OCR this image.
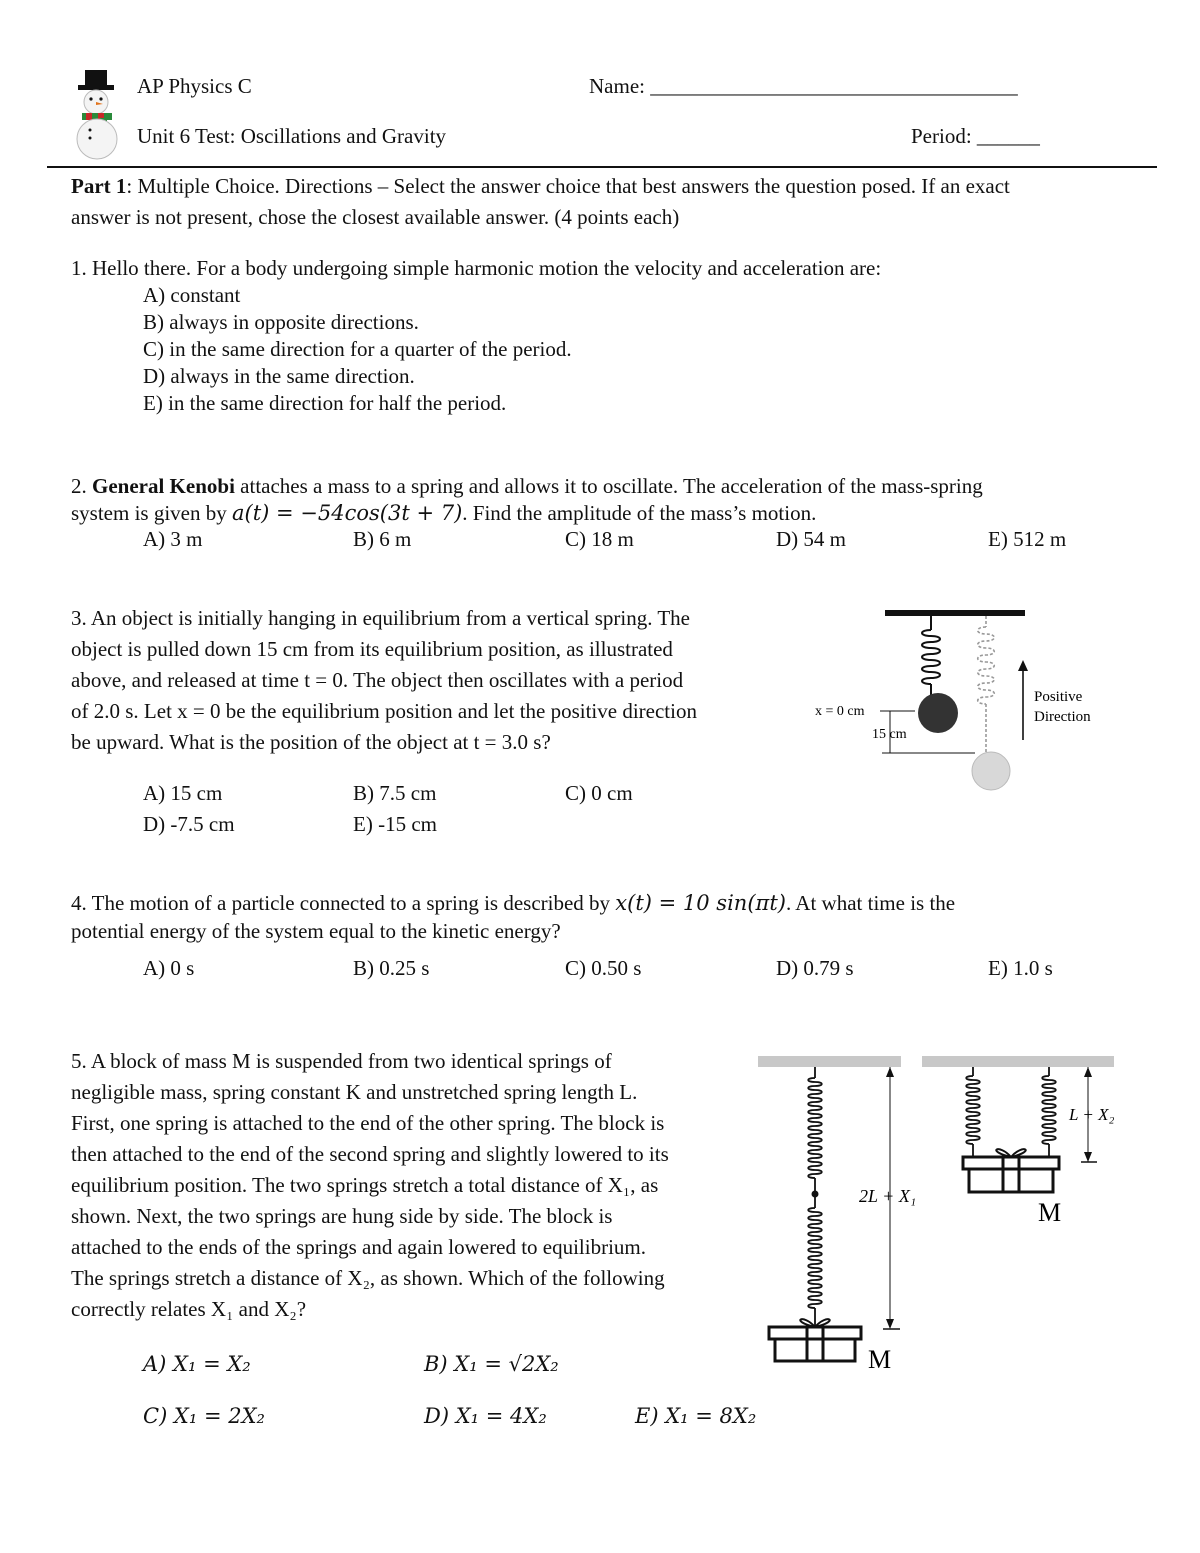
AP Physics C	Name: ___________________________________
Unit 6 Test: Oscillations and Gravity	Period: ______
Part 1: Multiple Choice. Directions – Select the answer choice that best answers the question posed. If an exact
answer is not present, chose the closest available answer. (4 points each)
1. Hello there. For a body undergoing simple harmonic motion the velocity and acceleration are:
A) constant
B) always in opposite directions.
C) in the same direction for a quarter of the period.
D) always in the same direction.
E) in the same direction for half the period.
2. General Kenobi attaches a mass to a spring and allows it to oscillate. The acceleration of the mass-spring
system is given by a(t) = −54cos(3t + 7). Find the amplitude of the mass’s motion.
A) 3 m	B) 6 m	C) 18 m	D) 54 m	E) 512 m
3. An object is initially hanging in equilibrium from a vertical spring. The
object is pulled down 15 cm from its equilibrium position, as illustrated
above, and released at time t = 0. The object then oscillates with a period
of 2.0 s. Let x = 0 be the equilibrium position and let the positive direction
be upward. What is the position of the object at t = 3.0 s?
A) 15 cm	B) 7.5 cm	C) 0 cm
D) -7.5 cm	E) -15 cm
x = 0 cm
15 cm
Positive
Direction
4. The motion of a particle connected to a spring is described by x(t) = 10 sin(πt). At what time is the
potential energy of the system equal to the kinetic energy?
A) 0 s	B) 0.25 s	C) 0.50 s	D) 0.79 s	E) 1.0 s
5. A block of mass M is suspended from two identical springs of
negligible mass, spring constant K and unstretched spring length L.
First, one spring is attached to the end of the other spring. The block is
then attached to the end of the second spring and slightly lowered to its
equilibrium position. The two springs stretch a total distance of X₁, as
shown. Next, the two springs are hung side by side. The block is
attached to the ends of the springs and again lowered to equilibrium.
The springs stretch a distance of X₂, as shown. Which of the following
correctly relates X₁ and X₂?
A) X₁ = X₂	B) X₁ = √2X₂
C) X₁ = 2X₂	D) X₁ = 4X₂	E) X₁ = 8X₂
M
2L + X₁
M
L + X₂
